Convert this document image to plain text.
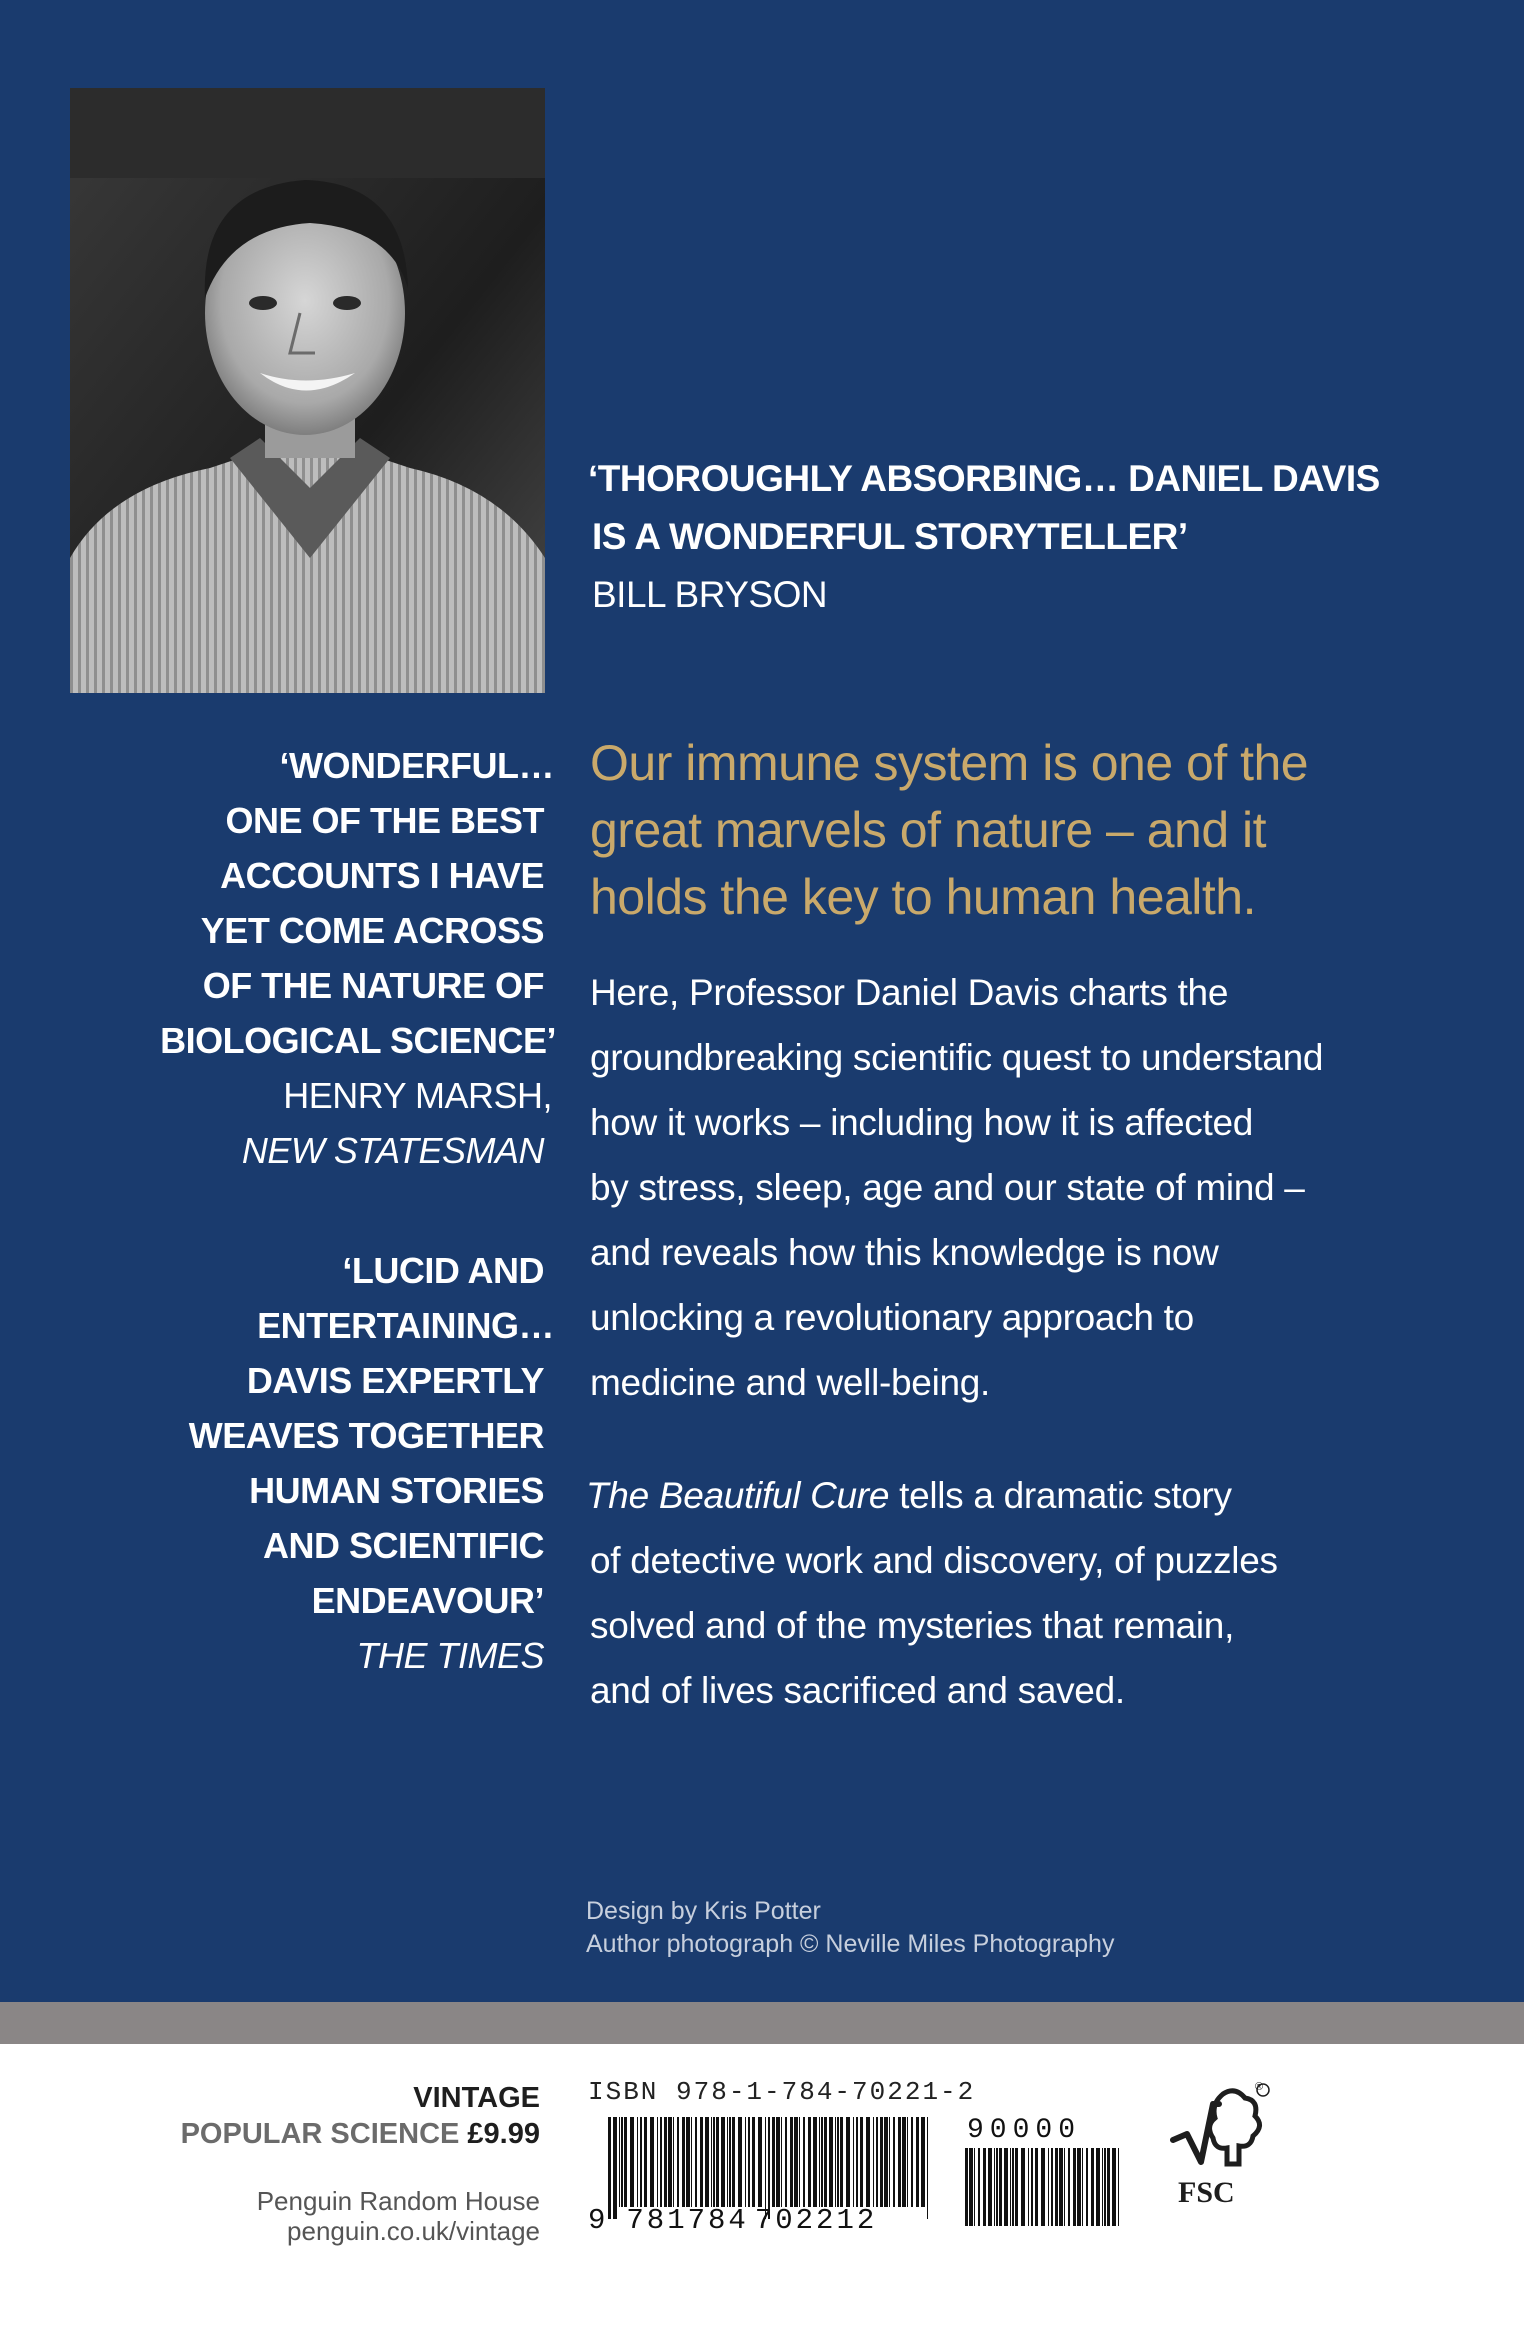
‘THOROUGHLY ABSORBING… DANIEL DAVIS
IS A WONDERFUL STORYTELLER’
BILL BRYSON
‘WONDERFUL…
ONE OF THE BEST
ACCOUNTS I HAVE
YET COME ACROSS
OF THE NATURE OF
BIOLOGICAL SCIENCE’
HENRY MARSH,
NEW STATESMAN
‘LUCID AND
ENTERTAINING…
DAVIS EXPERTLY
WEAVES TOGETHER
HUMAN STORIES
AND SCIENTIFIC
ENDEAVOUR’
THE TIMES
Our immune system is one of the
great marvels of nature – and it
holds the key to human health.
Here, Professor Daniel Davis charts the
groundbreaking scientific quest to understand
how it works – including how it is affected
by stress, sleep, age and our state of mind –
and reveals how this knowledge is now
unlocking a revolutionary approach to
medicine and well-being.
The Beautiful Cure tells a dramatic story
of detective work and discovery, of puzzles
solved and of the mysteries that remain,
and of lives sacrificed and saved.
Design by Kris Potter
Author photograph © Neville Miles Photography
VINTAGE
POPULAR SCIENCE £9.99
Penguin Random House
penguin.co.uk/vintage
ISBN 978-1-784-70221-2
9 781784 702212
90000
®
FSC
